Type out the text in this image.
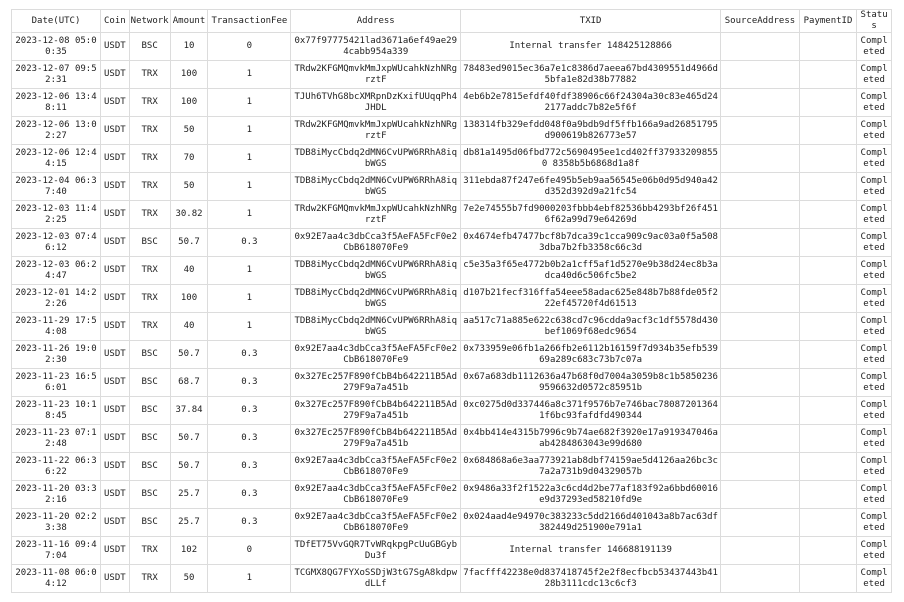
Date(UTC)	Coin	Network	Amount	TransactionFee	Address	TXID	SourceAddress	PaymentID	Status
2023-12-08 05:00:35	USDT	BSC	10	0	0x77f97775421lad3671a6ef49ae294cabb954a339	Internal transfer 148425128866			Completed
2023-12-07 09:52:31	USDT	TRX	100	1	TRdw2KFGMQmvkMmJxpWUcahkNzhNRgrztF	78483ed9015ec36a7e1c8386d7aeea67bd4309551d4966d5bfa1e82d38b77882			Completed
2023-12-06 13:48:11	USDT	TRX	100	1	TJUh6TVhG8bcXMRpnDzKxifUUqqPh4JHDL	4eb6b2e7815efdf40fdf38906c66f24304a30c83e465d242177addc7b82e5f6f			Completed
2023-12-06 13:02:27	USDT	TRX	50	1	TRdw2KFGMQmvkMmJxpWUcahkNzhNRgrztF	138314fb329efdd048f0a9bdb9df5ffb166a9ad26851795d900619b826773e57			Completed
2023-12-06 12:44:15	USDT	TRX	70	1	TDB8iMycCbdq2dMN6CvUPW6RRhA8iqbWGS	db81a1495d06fbd772c5690495ee1cd402ff379332098550 8358b5b6868d1a8f			Completed
2023-12-04 06:37:40	USDT	TRX	50	1	TDB8iMycCbdq2dMN6CvUPW6RRhA8iqbWGS	311ebda87f247e6fe495b5eb9aa56545e06b0d95d940a42d352d392d9a21fc54			Completed
2023-12-03 11:42:25	USDT	TRX	30.82	1	TRdw2KFGMQmvkMmJxpWUcahkNzhNRgrztF	7e2e74555b7fd9000203fbbb4ebf82536bb4293bf26f4516f62a99d79e64269d			Completed
2023-12-03 07:46:12	USDT	BSC	50.7	0.3	0x92E7aa4c3dbCca3f5AeFA5FcF0e2CbB618070Fe9	0x4674efb47477bcf8b7dca39c1cca909c9ac03a0f5a5083dba7b2fb3358c66c3d			Completed
2023-12-03 06:24:47	USDT	TRX	40	1	TDB8iMycCbdq2dMN6CvUPW6RRhA8iqbWGS	c5e35a3f65e4772b0b2a1cff5af1d5270e9b38d24ec8b3adca40d6c506fc5be2			Completed
2023-12-01 14:22:26	USDT	TRX	100	1	TDB8iMycCbdq2dMN6CvUPW6RRhA8iqbWGS	d107b21fecf316ffa54eee58adac625e848b7b88fde05f222ef45720f4d61513			Completed
2023-11-29 17:54:08	USDT	TRX	40	1	TDB8iMycCbdq2dMN6CvUPW6RRhA8iqbWGS	aa517c71a885e622c638cd7c96cdda9acf3c1df5578d430bef1069f68edc9654			Completed
2023-11-26 19:02:30	USDT	BSC	50.7	0.3	0x92E7aa4c3dbCca3f5AeFA5FcF0e2CbB618070Fe9	0x733959e06fb1a266fb2e6112b16159f7d934b35efb53969a289c683c73b7c07a			Completed
2023-11-23 16:56:01	USDT	BSC	68.7	0.3	0x327Ec257F890fCbB4b642211B5Ad279F9a7a451b	0x67a683db1112636a47b68f0d7004a3059b8c1b58502369596632d0572c85951b			Completed
2023-11-23 10:18:45	USDT	BSC	37.84	0.3	0x327Ec257F890fCbB4b642211B5Ad279F9a7a451b	0xc0275d0d337446a8c371f9576b7e746bac780872013641f6bc93fafdfd490344			Completed
2023-11-23 07:12:48	USDT	BSC	50.7	0.3	0x327Ec257F890fCbB4b642211B5Ad279F9a7a451b	0x4bb414e4315b7996c9b74ae682f3920e17a919347046aab4284863043e99d680			Completed
2023-11-22 06:36:22	USDT	BSC	50.7	0.3	0x92E7aa4c3dbCca3f5AeFA5FcF0e2CbB618070Fe9	0x684868a6e3aa773921ab8dbf74159ae5d4126aa26bc3c7a2a731b9d04329057b			Completed
2023-11-20 03:32:16	USDT	BSC	25.7	0.3	0x92E7aa4c3dbCca3f5AeFA5FcF0e2CbB618070Fe9	0x9486a33f2f1522a3c6cd4d2be77af183f92a6bbd60016e9d37293ed58210fd9e			Completed
2023-11-20 02:23:38	USDT	BSC	25.7	0.3	0x92E7aa4c3dbCca3f5AeFA5FcF0e2CbB618070Fe9	0x024aad4e94970c383233c5dd2166d401043a8b7ac63df382449d251900e791a1			Completed
2023-11-16 09:47:04	USDT	TRX	102	0	TDfET75VvGQR7TvWRqkpgPcUuGBGybDu3f	Internal transfer 146688191139			Completed
2023-11-08 06:04:12	USDT	TRX	50	1	TCGMX8QG7FYXoSSDjW3tG7SgA8kdpwdLLf	7facfff42238e0d837418745f2e2f8ecfbcb53437443b4128b3111cdc13c6cf3			Completed
